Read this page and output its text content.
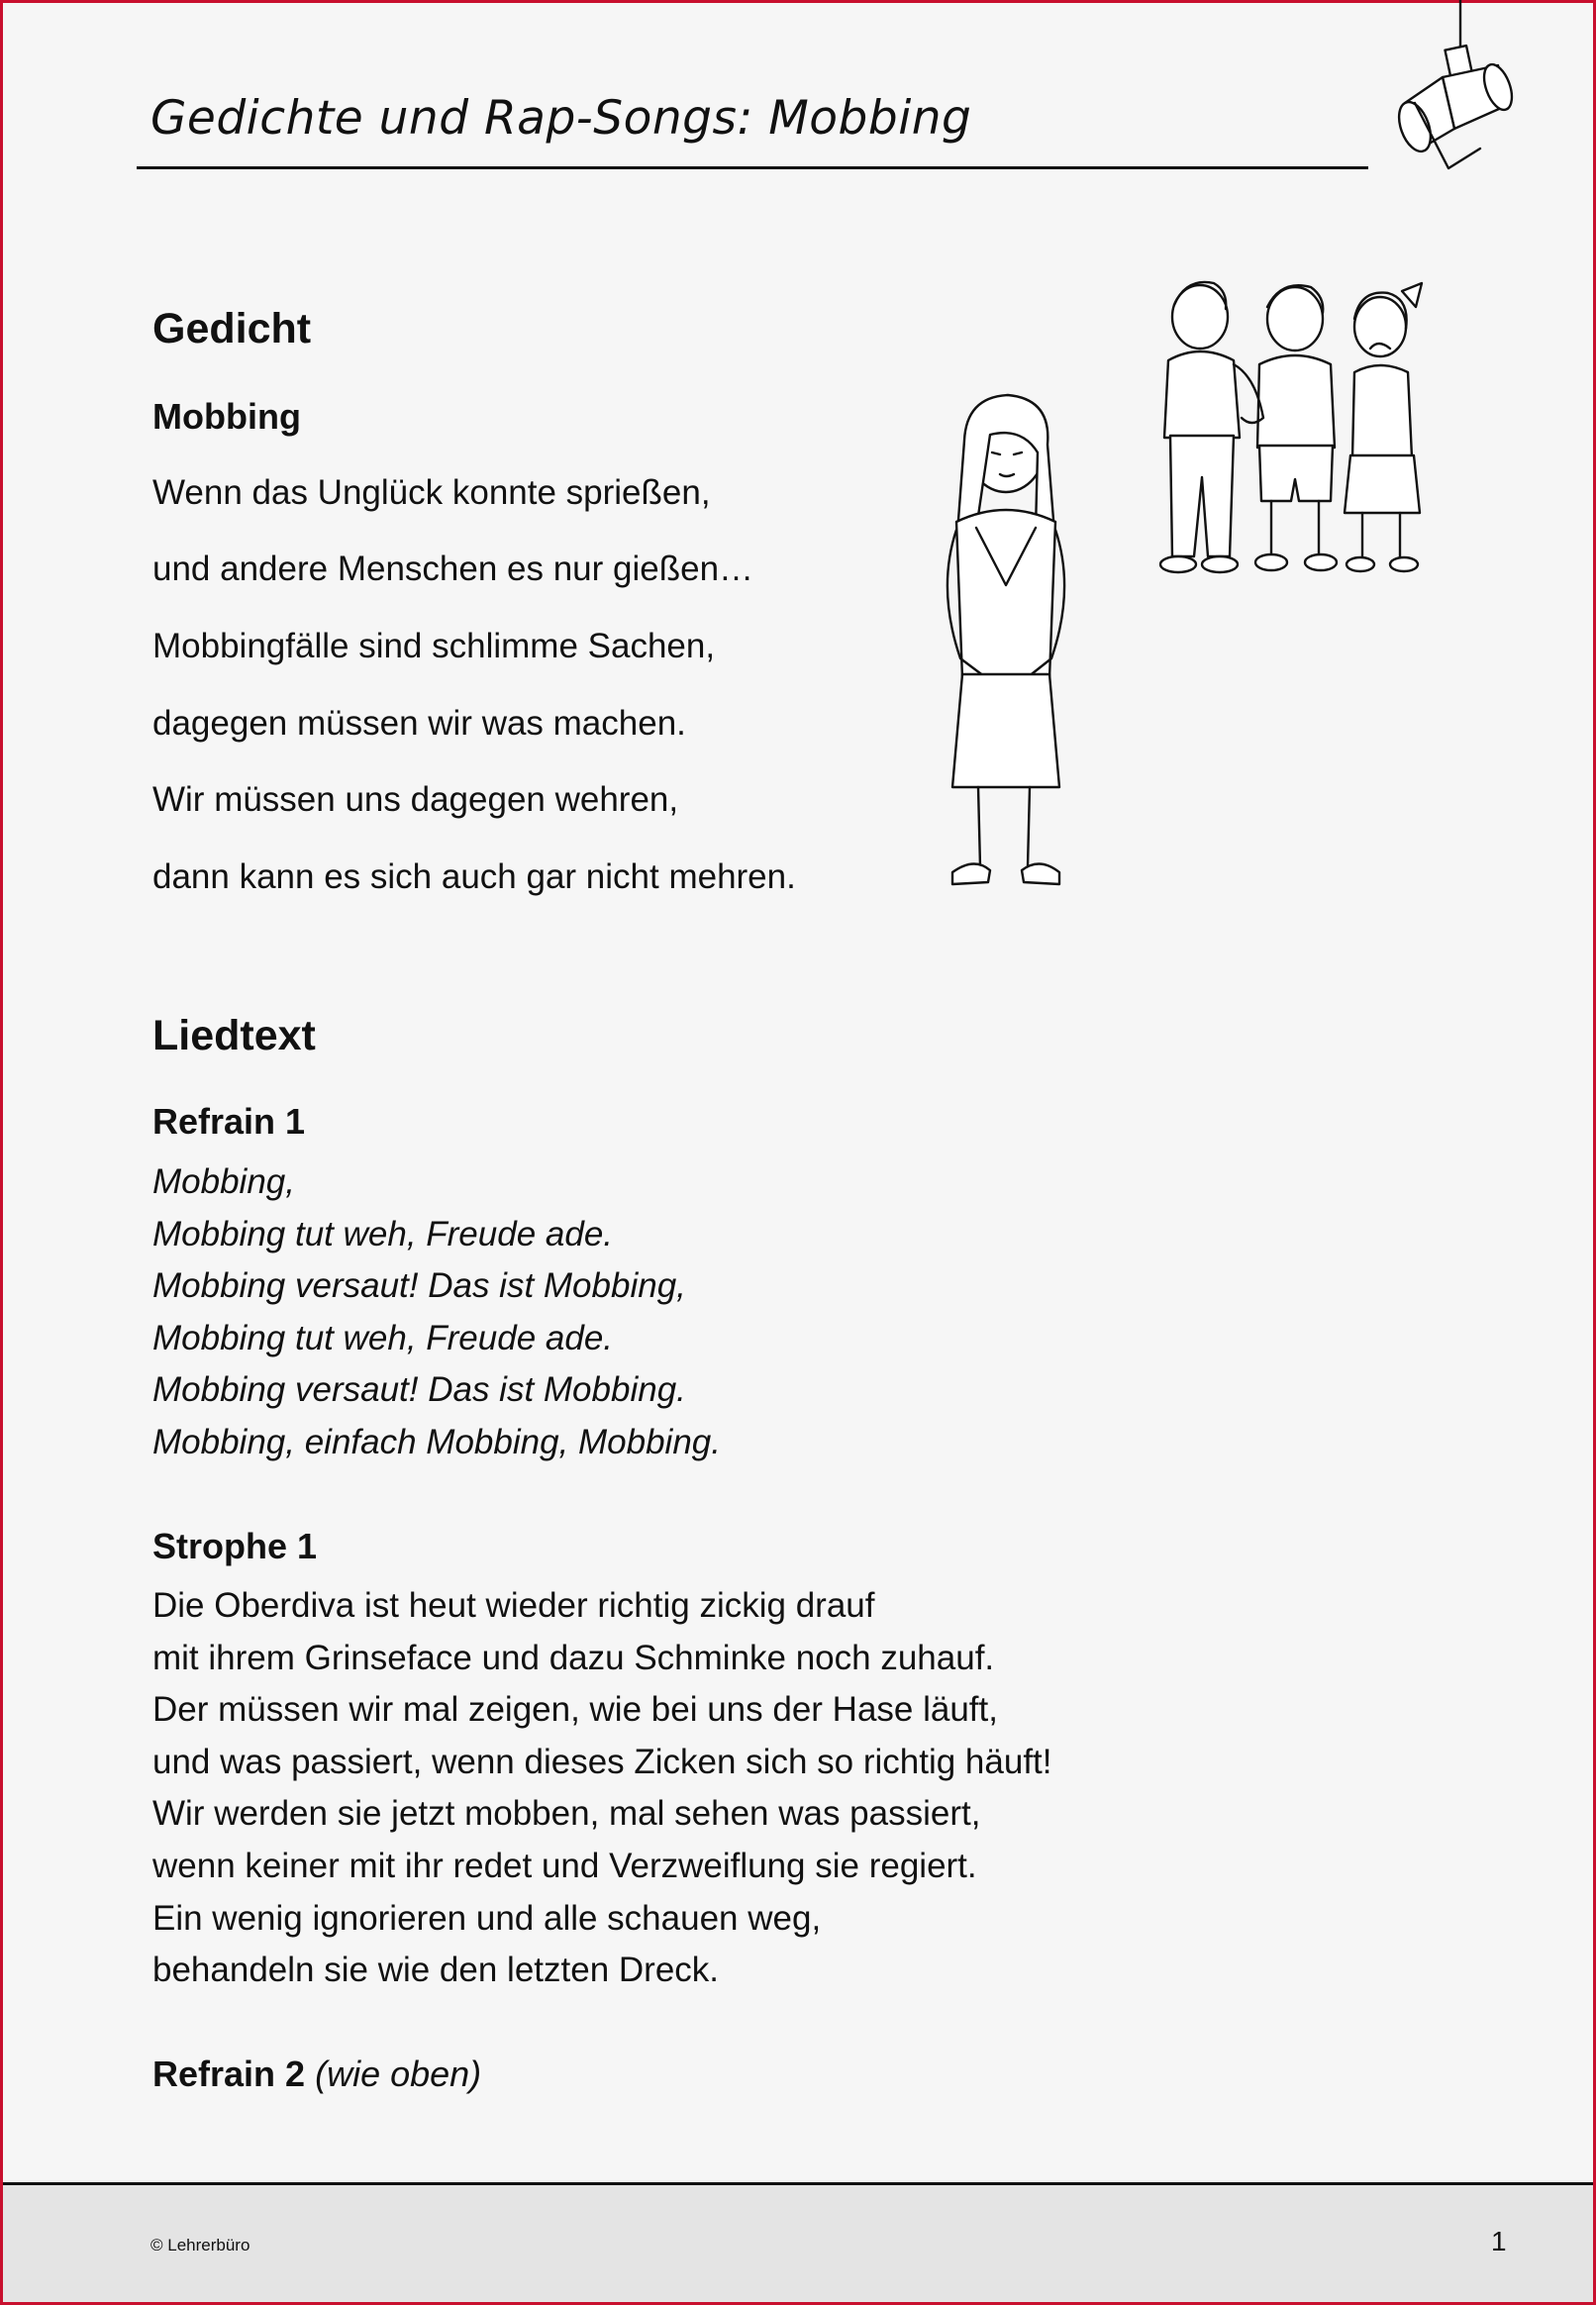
Gedichte und Rap-Songs: Mobbing
Gedicht
Mobbing
Wenn das Unglück konnte sprießen,
und andere Menschen es nur gießen…
Mobbingfälle sind schlimme Sachen,
dagegen müssen wir was machen.
Wir müssen uns dagegen wehren,
dann kann es sich auch gar nicht mehren.
Liedtext
Refrain 1
Mobbing,
Mobbing tut weh, Freude ade.
Mobbing versaut! Das ist Mobbing,
Mobbing tut weh, Freude ade.
Mobbing versaut! Das ist Mobbing.
Mobbing, einfach Mobbing, Mobbing.
Strophe 1
Die Oberdiva ist heut wieder richtig zickig drauf
mit ihrem Grinseface und dazu Schminke noch zuhauf.
Der müssen wir mal zeigen, wie bei uns der Hase läuft,
und was passiert, wenn dieses Zicken sich so richtig häuft!
Wir werden sie jetzt mobben, mal sehen was passiert,
wenn keiner mit ihr redet und Verzweiflung sie regiert.
Ein wenig ignorieren und alle schauen weg,
behandeln sie wie den letzten Dreck.
Refrain 2 (wie oben)
© Lehrerbüro	1
